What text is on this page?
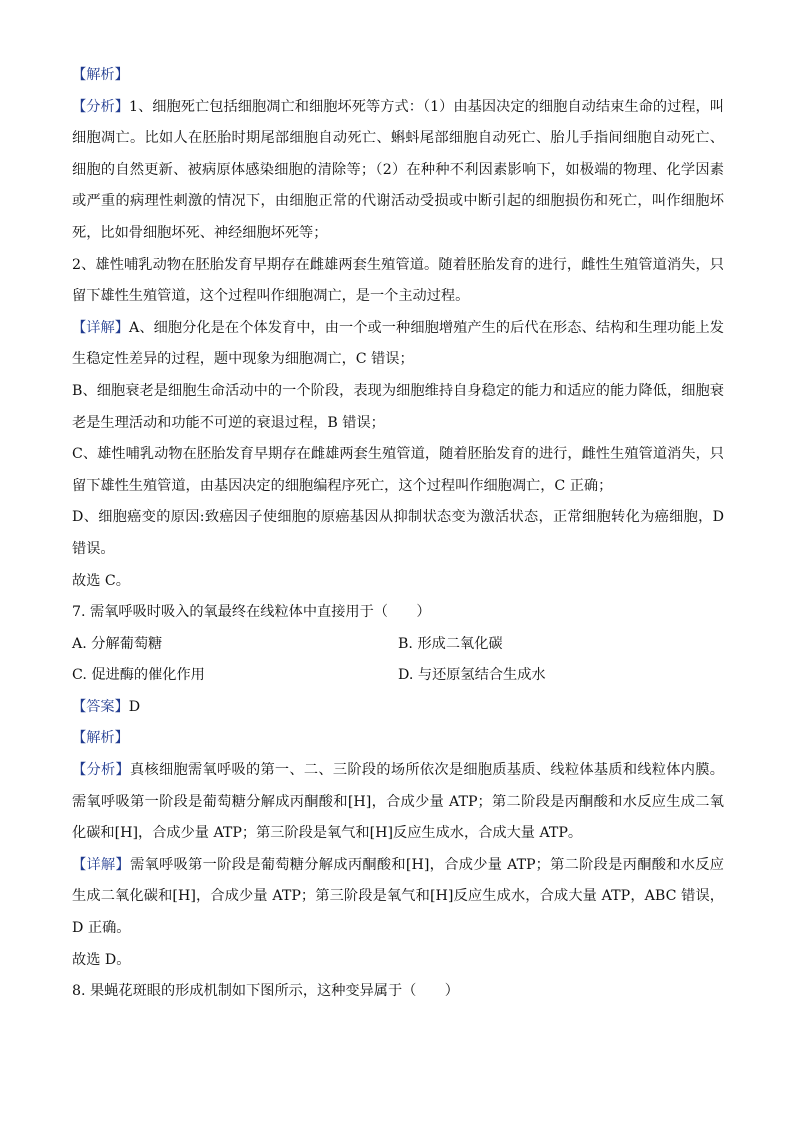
【解析】

【分析】1、细胞死亡包括细胞凋亡和细胞坏死等方式：（1）由基因决定的细胞自动结束生命的过程，叫细胞凋亡。比如人在胚胎时期尾部细胞自动死亡、蝌蚪尾部细胞自动死亡、胎儿手指间细胞自动死亡、细胞的自然更新、被病原体感染细胞的清除等；（2）在种种不利因素影响下，如极端的物理、化学因素或严重的病理性刺激的情况下，由细胞正常的代谢活动受损或中断引起的细胞损伤和死亡，叫作细胞坏死，比如骨细胞坏死、神经细胞坏死等；

2、雄性哺乳动物在胚胎发育早期存在雌雄两套生殖管道。随着胚胎发育的进行，雌性生殖管道消失，只留下雄性生殖管道，这个过程叫作细胞凋亡，是一个主动过程。

【详解】A、细胞分化是在个体发育中，由一个或一种细胞增殖产生的后代在形态、结构和生理功能上发生稳定性差异的过程，题中现象为细胞凋亡，C 错误；

B、细胞衰老是细胞生命活动中的一个阶段，表现为细胞维持自身稳定的能力和适应的能力降低，细胞衰老是生理活动和功能不可逆的衰退过程，B 错误；

C、雄性哺乳动物在胚胎发育早期存在雌雄两套生殖管道，随着胚胎发育的进行，雌性生殖管道消失，只留下雄性生殖管道，由基因决定的细胞编程序死亡，这个过程叫作细胞凋亡，C 正确；

D、细胞癌变的原因:致癌因子使细胞的原癌基因从抑制状态变为激活状态，正常细胞转化为癌细胞，D 错误。

故选 C。

7. 需氧呼吸时吸入的氧最终在线粒体中直接用于（　　）

A. 分解葡萄糖	B. 形成二氧化碳
C. 促进酶的催化作用	D. 与还原氢结合生成水

【答案】D

【解析】

【分析】真核细胞需氧呼吸的第一、二、三阶段的场所依次是细胞质基质、线粒体基质和线粒体内膜。需氧呼吸第一阶段是葡萄糖分解成丙酮酸和[H]，合成少量 ATP；第二阶段是丙酮酸和水反应生成二氧化碳和[H]，合成少量 ATP；第三阶段是氧气和[H]反应生成水，合成大量 ATP。

【详解】需氧呼吸第一阶段是葡萄糖分解成丙酮酸和[H]，合成少量 ATP；第二阶段是丙酮酸和水反应生成二氧化碳和[H]，合成少量 ATP；第三阶段是氧气和[H]反应生成水，合成大量 ATP，ABC 错误，D 正确。

故选 D。

8. 果蝇花斑眼的形成机制如下图所示，这种变异属于（　　）
